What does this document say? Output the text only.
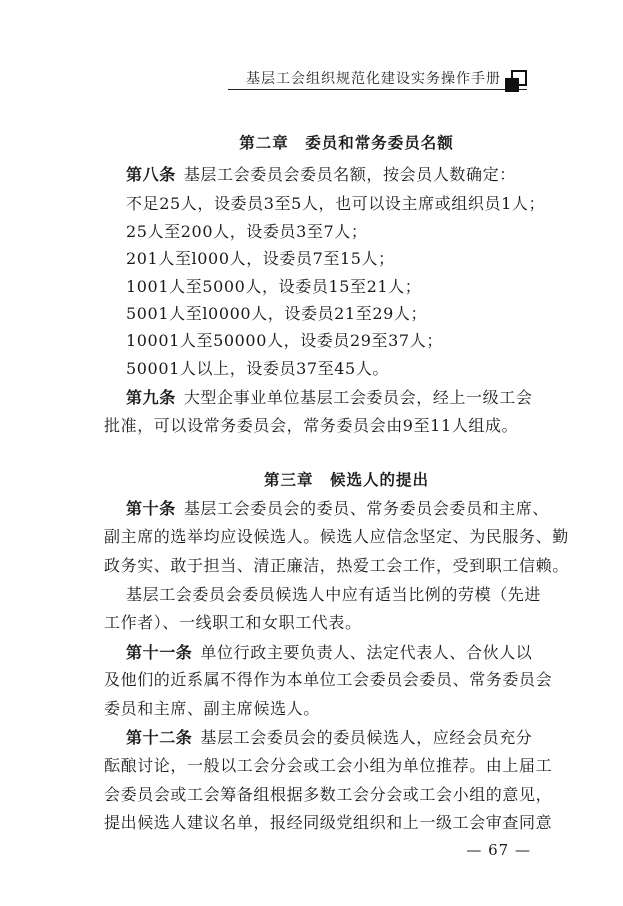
基层工会组织规范化建设实务操作手册
第二章　委员和常务委员名额
第八条 基层工会委员会委员名额，按会员人数确定：
不足25人，设委员3至5人，也可以设主席或组织员1人；
25人至200人，设委员3至7人；
201人至l000人，设委员7至15人；
1001人至5000人，设委员15至21人；
5001人至l0000人，设委员21至29人；
10001人至50000人，设委员29至37人；
50001人以上，设委员37至45人。
第九条 大型企事业单位基层工会委员会，经上一级工会
批准，可以设常务委员会，常务委员会由9至11人组成。
第三章　候选人的提出
第十条 基层工会委员会的委员、常务委员会委员和主席、
副主席的选举均应设候选人。候选人应信念坚定、为民服务、勤
政务实、敢于担当、清正廉洁，热爱工会工作，受到职工信赖。
基层工会委员会委员候选人中应有适当比例的劳模（先进
工作者）、一线职工和女职工代表。
第十一条 单位行政主要负责人、法定代表人、合伙人以
及他们的近系属不得作为本单位工会委员会委员、常务委员会
委员和主席、副主席候选人。
第十二条 基层工会委员会的委员候选人，应经会员充分
酝酿讨论，一般以工会分会或工会小组为单位推荐。由上届工
会委员会或工会筹备组根据多数工会分会或工会小组的意见，
提出候选人建议名单，报经同级党组织和上一级工会审查同意
— 67 —
